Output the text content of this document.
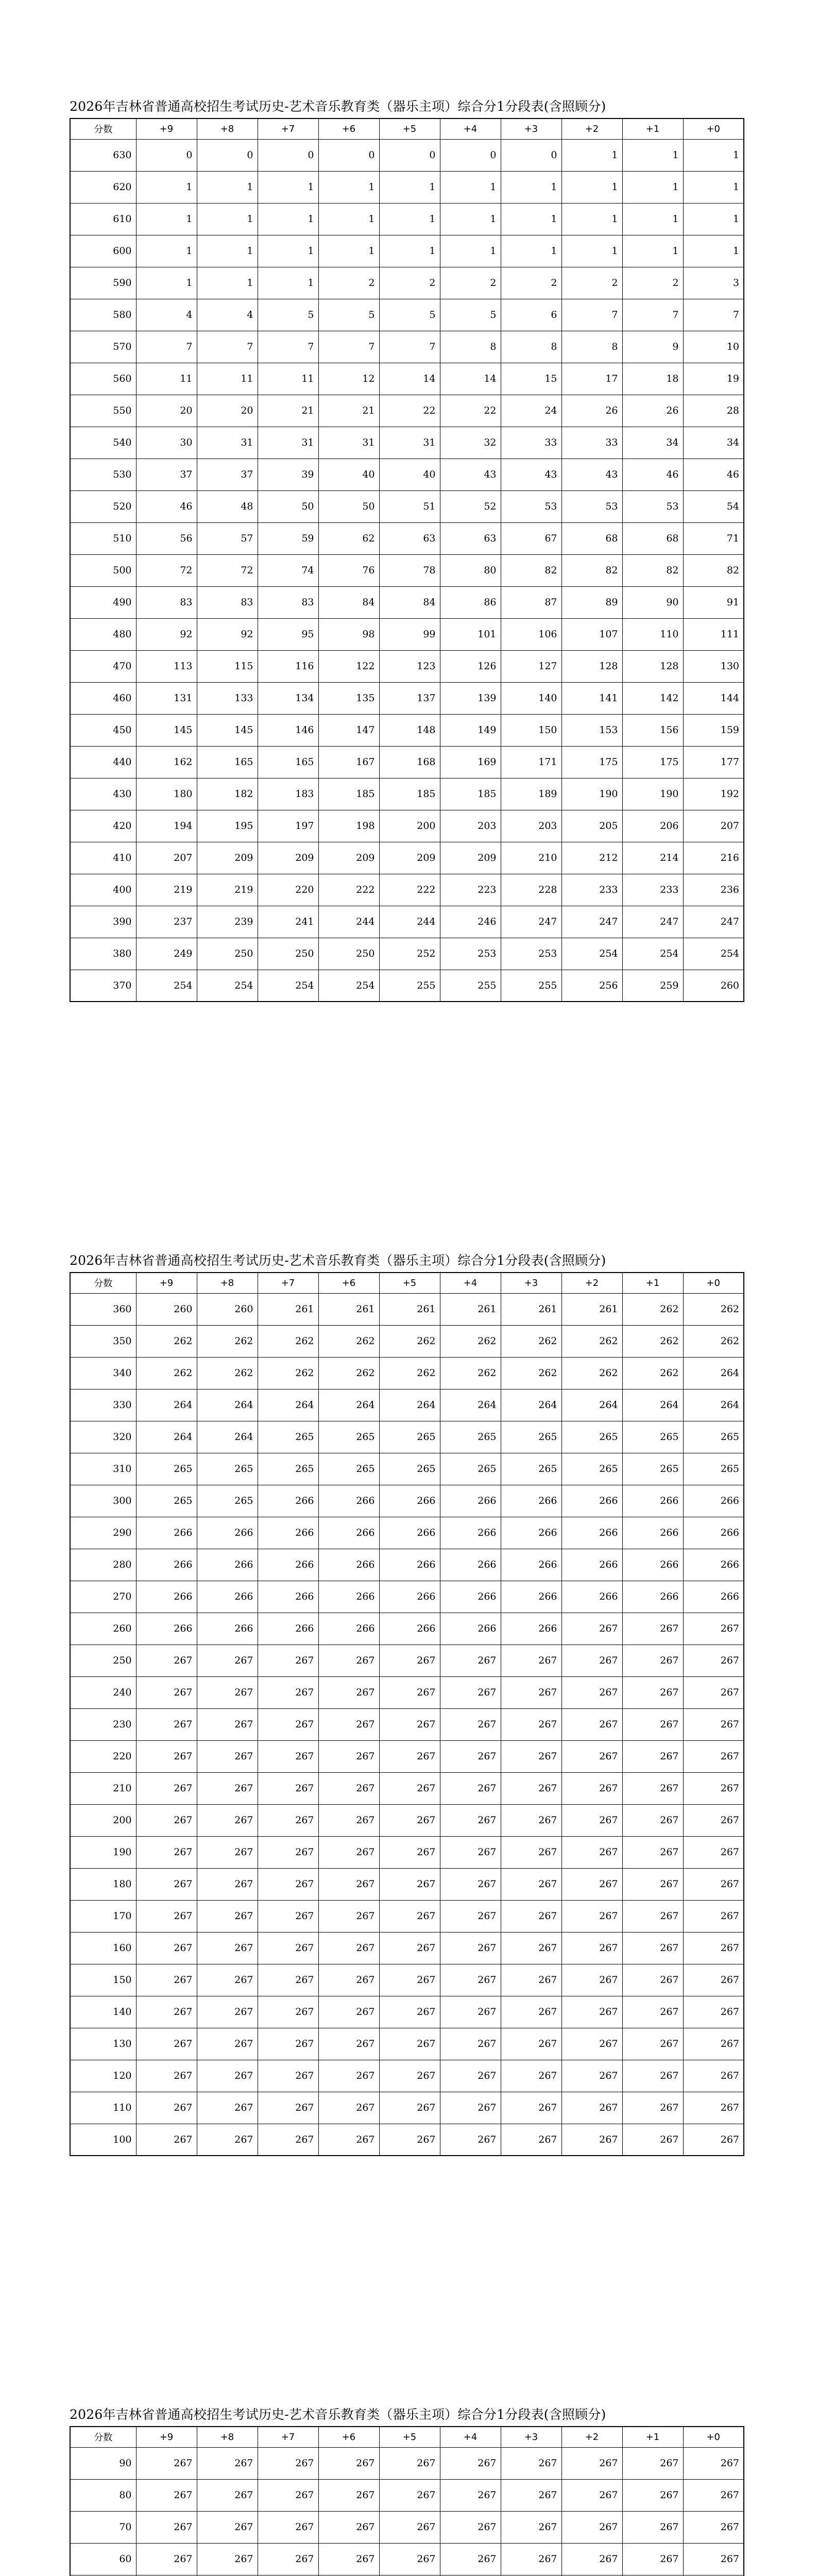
2026年吉林省普通高校招生考试历史-艺术音乐教育类（器乐主项）综合分1分段表(含照顾分)
分数	+9	+8	+7	+6	+5	+4	+3	+2	+1	+0
630	0	0	0	0	0	0	0	1	1	1
620	1	1	1	1	1	1	1	1	1	1
610	1	1	1	1	1	1	1	1	1	1
600	1	1	1	1	1	1	1	1	1	1
590	1	1	1	2	2	2	2	2	2	3
580	4	4	5	5	5	5	6	7	7	7
570	7	7	7	7	7	8	8	8	9	10
560	11	11	11	12	14	14	15	17	18	19
550	20	20	21	21	22	22	24	26	26	28
540	30	31	31	31	31	32	33	33	34	34
530	37	37	39	40	40	43	43	43	46	46
520	46	48	50	50	51	52	53	53	53	54
510	56	57	59	62	63	63	67	68	68	71
500	72	72	74	76	78	80	82	82	82	82
490	83	83	83	84	84	86	87	89	90	91
480	92	92	95	98	99	101	106	107	110	111
470	113	115	116	122	123	126	127	128	128	130
460	131	133	134	135	137	139	140	141	142	144
450	145	145	146	147	148	149	150	153	156	159
440	162	165	165	167	168	169	171	175	175	177
430	180	182	183	185	185	185	189	190	190	192
420	194	195	197	198	200	203	203	205	206	207
410	207	209	209	209	209	209	210	212	214	216
400	219	219	220	222	222	223	228	233	233	236
390	237	239	241	244	244	246	247	247	247	247
380	249	250	250	250	252	253	253	254	254	254
370	254	254	254	254	255	255	255	256	259	260
2026年吉林省普通高校招生考试历史-艺术音乐教育类（器乐主项）综合分1分段表(含照顾分)
分数	+9	+8	+7	+6	+5	+4	+3	+2	+1	+0
360	260	260	261	261	261	261	261	261	262	262
350	262	262	262	262	262	262	262	262	262	262
340	262	262	262	262	262	262	262	262	262	264
330	264	264	264	264	264	264	264	264	264	264
320	264	264	265	265	265	265	265	265	265	265
310	265	265	265	265	265	265	265	265	265	265
300	265	265	266	266	266	266	266	266	266	266
290	266	266	266	266	266	266	266	266	266	266
280	266	266	266	266	266	266	266	266	266	266
270	266	266	266	266	266	266	266	266	266	266
260	266	266	266	266	266	266	266	267	267	267
250	267	267	267	267	267	267	267	267	267	267
240	267	267	267	267	267	267	267	267	267	267
230	267	267	267	267	267	267	267	267	267	267
220	267	267	267	267	267	267	267	267	267	267
210	267	267	267	267	267	267	267	267	267	267
200	267	267	267	267	267	267	267	267	267	267
190	267	267	267	267	267	267	267	267	267	267
180	267	267	267	267	267	267	267	267	267	267
170	267	267	267	267	267	267	267	267	267	267
160	267	267	267	267	267	267	267	267	267	267
150	267	267	267	267	267	267	267	267	267	267
140	267	267	267	267	267	267	267	267	267	267
130	267	267	267	267	267	267	267	267	267	267
120	267	267	267	267	267	267	267	267	267	267
110	267	267	267	267	267	267	267	267	267	267
100	267	267	267	267	267	267	267	267	267	267
2026年吉林省普通高校招生考试历史-艺术音乐教育类（器乐主项）综合分1分段表(含照顾分)
分数	+9	+8	+7	+6	+5	+4	+3	+2	+1	+0
90	267	267	267	267	267	267	267	267	267	267
80	267	267	267	267	267	267	267	267	267	267
70	267	267	267	267	267	267	267	267	267	267
60	267	267	267	267	267	267	267	267	267	267
